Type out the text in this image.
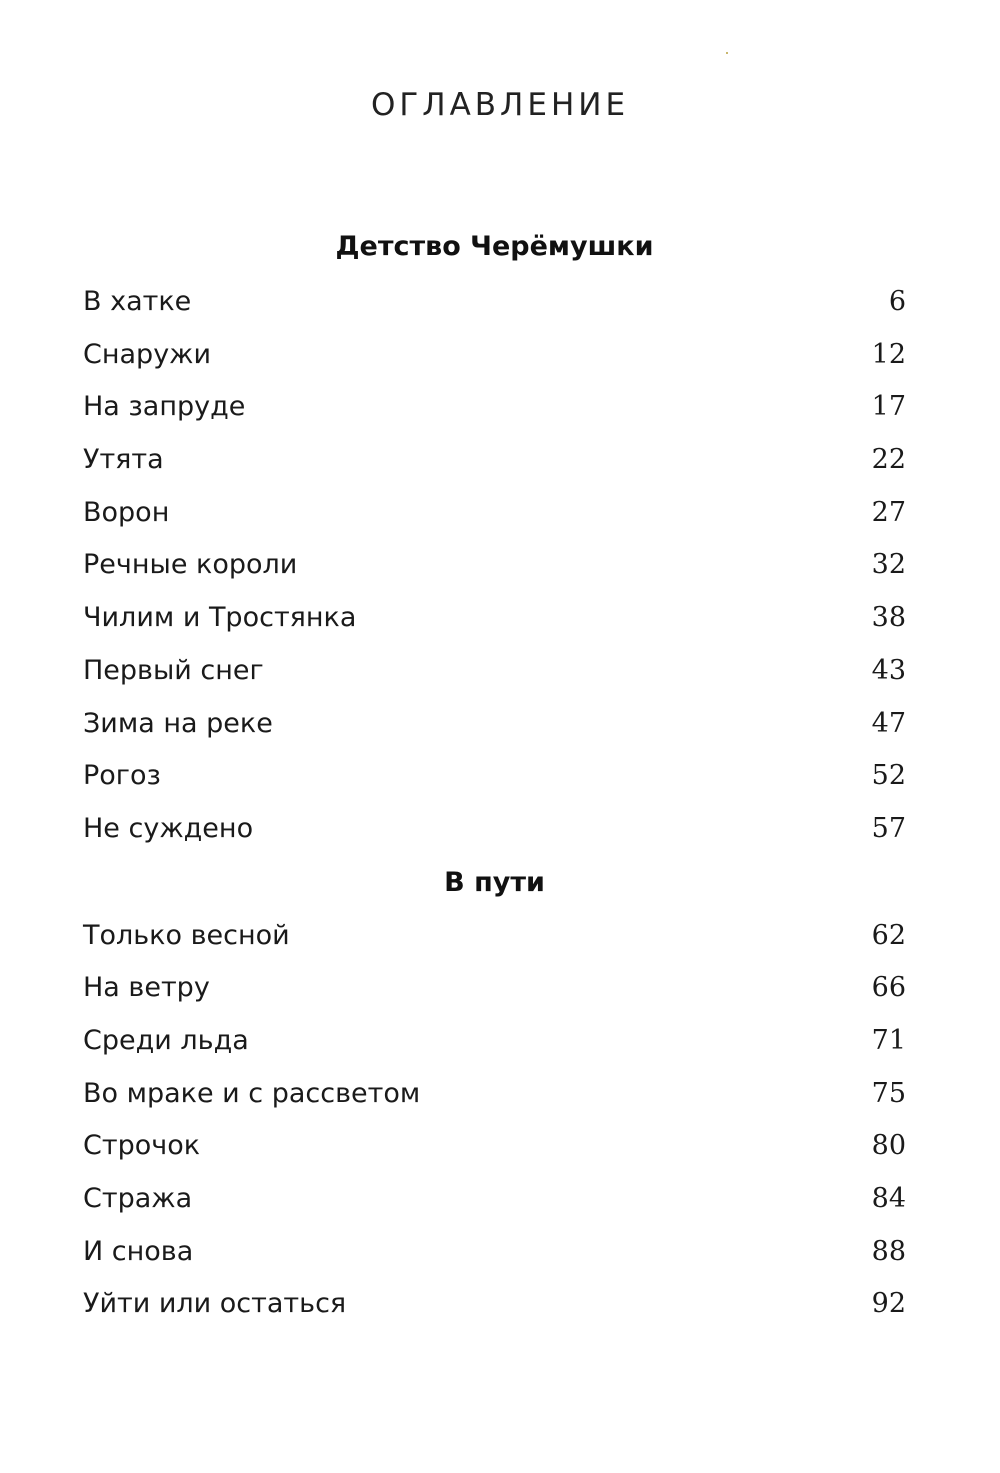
ОГЛАВЛЕНИЕ
Детство Черёмушки
В хатке	6
Снаружи	12
На запруде	17
Утята	22
Ворон	27
Речные короли	32
Чилим и Тростянка	38
Первый снег	43
Зима на реке	47
Рогоз	52
Не суждено	57
В пути
Только весной	62
На ветру	66
Среди льда	71
Во мраке и с рассветом	75
Строчок	80
Стража	84
И снова	88
Уйти или остаться	92
